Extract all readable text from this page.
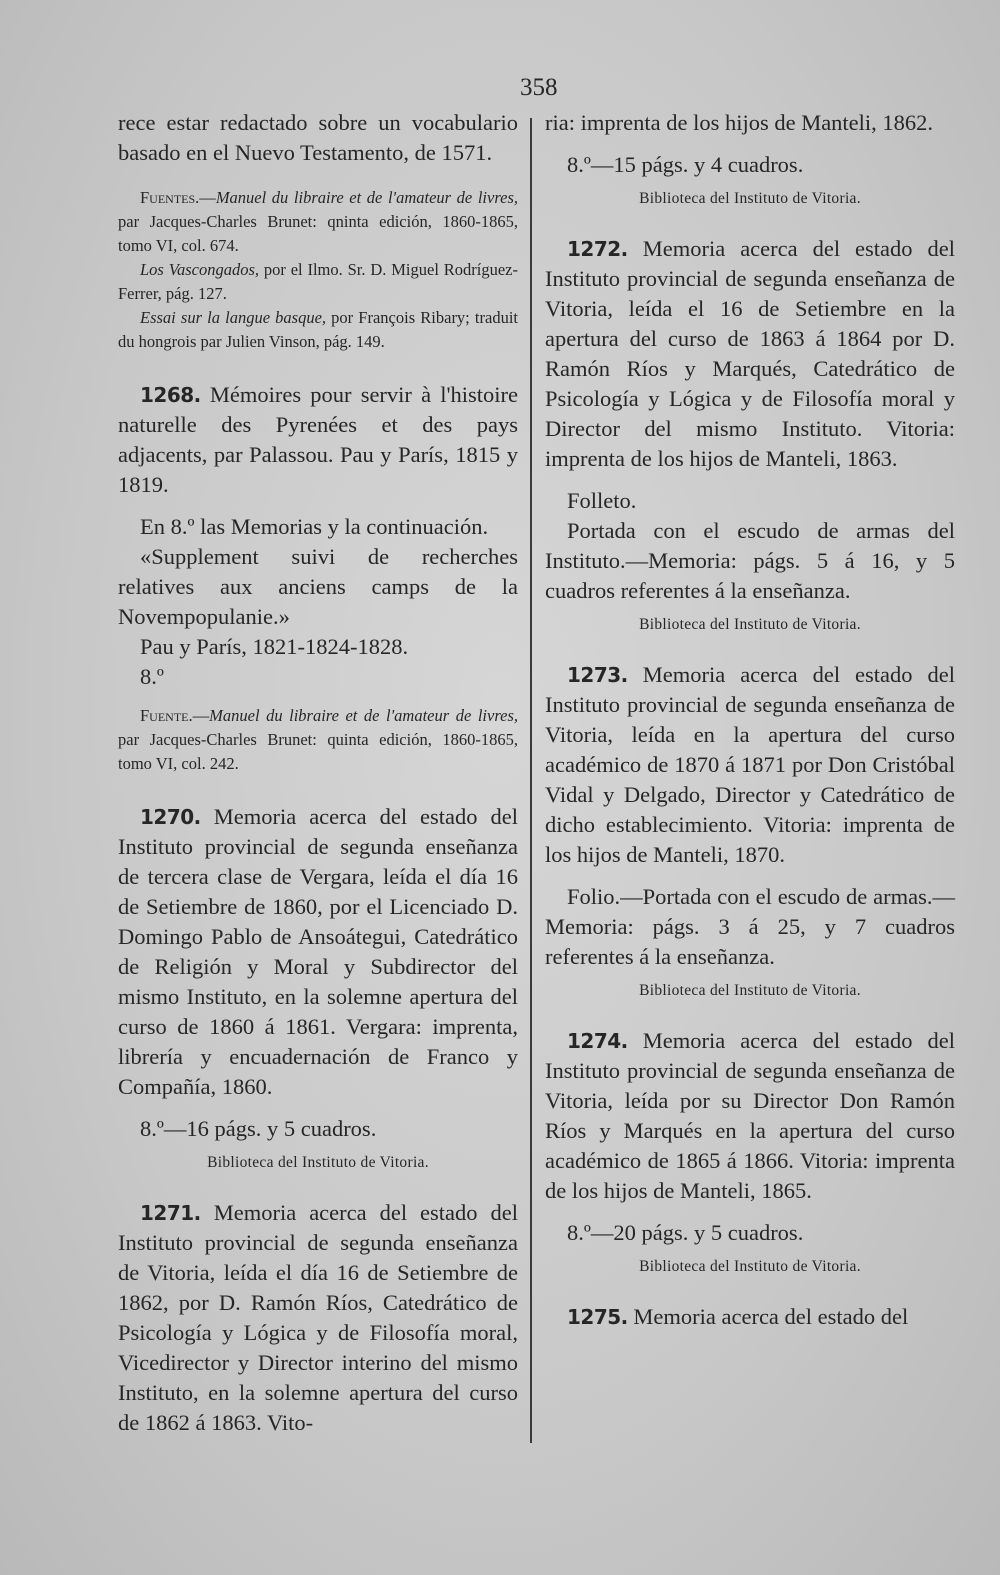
358

rece estar redactado sobre un vocabulario basado en el Nuevo Testamento, de 1571.

Fuentes.—Manuel du libraire et de l'amateur de livres, par Jacques-Charles Brunet: qninta edición, 1860-1865, tomo VI, col. 674.

Los Vascongados, por el Ilmo. Sr. D. Miguel Rodríguez-Ferrer, pág. 127.

Essai sur la langue basque, por François Ribary; traduit du hongrois par Julien Vinson, pág. 149.

1268. Mémoires pour servir à l'histoire naturelle des Pyrenées et des pays adjacents, par Palassou. Pau y París, 1815 y 1819.

En 8.º las Memorias y la continuación.

«Supplement suivi de recherches relatives aux anciens camps de la Novempopulanie.»

Pau y París, 1821-1824-1828.

8.º

Fuente.—Manuel du libraire et de l'amateur de livres, par Jacques-Charles Brunet: quinta edición, 1860-1865, tomo VI, col. 242.

1270. Memoria acerca del estado del Instituto provincial de segunda enseñanza de tercera clase de Vergara, leída el día 16 de Setiembre de 1860, por el Licenciado D. Domingo Pablo de Ansoátegui, Catedrático de Religión y Moral y Subdirector del mismo Instituto, en la solemne apertura del curso de 1860 á 1861. Vergara: imprenta, librería y encuadernación de Franco y Compañía, 1860.

8.º—16 págs. y 5 cuadros.

Biblioteca del Instituto de Vitoria.

1271. Memoria acerca del estado del Instituto provincial de segunda enseñanza de Vitoria, leída el día 16 de Setiembre de 1862, por D. Ramón Ríos, Catedrático de Psicología y Lógica y de Filosofía moral, Vicedirector y Director interino del mismo Instituto, en la solemne apertura del curso de 1862 á 1863. Vito-

ria: imprenta de los hijos de Manteli, 1862.

8.º—15 págs. y 4 cuadros.

Biblioteca del Instituto de Vitoria.

1272. Memoria acerca del estado del Instituto provincial de segunda enseñanza de Vitoria, leída el 16 de Setiembre en la apertura del curso de 1863 á 1864 por D. Ramón Ríos y Marqués, Catedrático de Psicología y Lógica y de Filosofía moral y Director del mismo Instituto. Vitoria: imprenta de los hijos de Manteli, 1863.

Folleto.

Portada con el escudo de armas del Instituto.—Memoria: págs. 5 á 16, y 5 cuadros referentes á la enseñanza.

Biblioteca del Instituto de Vitoria.

1273. Memoria acerca del estado del Instituto provincial de segunda enseñanza de Vitoria, leída en la apertura del curso académico de 1870 á 1871 por Don Cristóbal Vidal y Delgado, Director y Catedrático de dicho establecimiento. Vitoria: imprenta de los hijos de Manteli, 1870.

Folio.—Portada con el escudo de armas.—Memoria: págs. 3 á 25, y 7 cuadros referentes á la enseñanza.

Biblioteca del Instituto de Vitoria.

1274. Memoria acerca del estado del Instituto provincial de segunda enseñanza de Vitoria, leída por su Director Don Ramón Ríos y Marqués en la apertura del curso académico de 1865 á 1866. Vitoria: imprenta de los hijos de Manteli, 1865.

8.º—20 págs. y 5 cuadros.

Biblioteca del Instituto de Vitoria.

1275. Memoria acerca del estado del
